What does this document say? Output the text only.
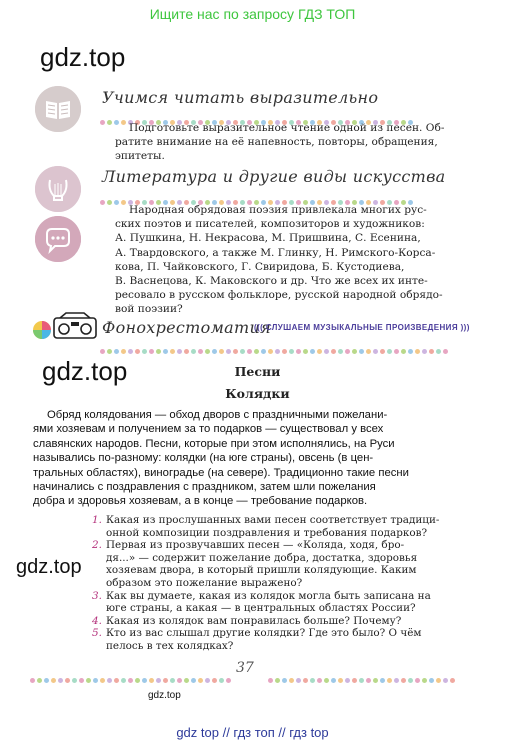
Ищите нас по запросу ГДЗ ТОП
gdz.top
Учимся читать выразительно
Подготовьте выразительное чтение одной из песен. Об-
ратите внимание на её напевность, повторы, обращения,
эпитеты.
Литература и другие виды искусства
Народная обрядовая поэзия привлекала многих рус-
ских поэтов и писателей, композиторов и художников:
А. Пушкина, Н. Некрасова, М. Пришвина, С. Есенина,
А. Твардовского, а также М. Глинку, Н. Римского-Корса-
кова, П. Чайковского, Г. Свиридова, Б. Кустодиева,
В. Васнецова, К. Маковского и др. Что же всех их инте-
ресовало в русском фольклоре, русской народной обрядо-
вой поэзии?
Фонохрестоматия
((( СЛУШАЕМ МУЗЫКАЛЬНЫЕ ПРОИЗВЕДЕНИЯ )))
gdz.top	Песни
Колядки
Обряд колядования — обход дворов с праздничными пожелани-
ями хозяевам и получением за то подарков — существовал у всех
славянских народов. Песни, которые при этом исполнялись, на Руси
назывались по-разному: колядки (на юге страны), овсень (в цен-
тральных областях), виноградье (на севере). Традиционно такие песни
начинались с поздравления с праздником, затем шли пожелания
добра и здоровья хозяевам, а в конце — требование подарков.
1. Какая из прослушанных вами песен соответствует традици-
онной композиции поздравления и требования подарков?
2. Первая из прозвучавших песен — «Коляда, ходя, бро-
дя...» — содержит пожелание добра, достатка, здоровья
хозяевам двора, в который пришли колядующие. Каким
образом это пожелание выражено?
3. Как вы думаете, какая из колядок могла быть записана на
юге страны, а какая — в центральных областях России?
4. Какая из колядок вам понравилась больше? Почему?
5. Кто из вас слышал другие колядки? Где это было? О чём
пелось в тех колядках?
gdz.top
37
gdz.top
gdz top // гдз топ // гдз top
